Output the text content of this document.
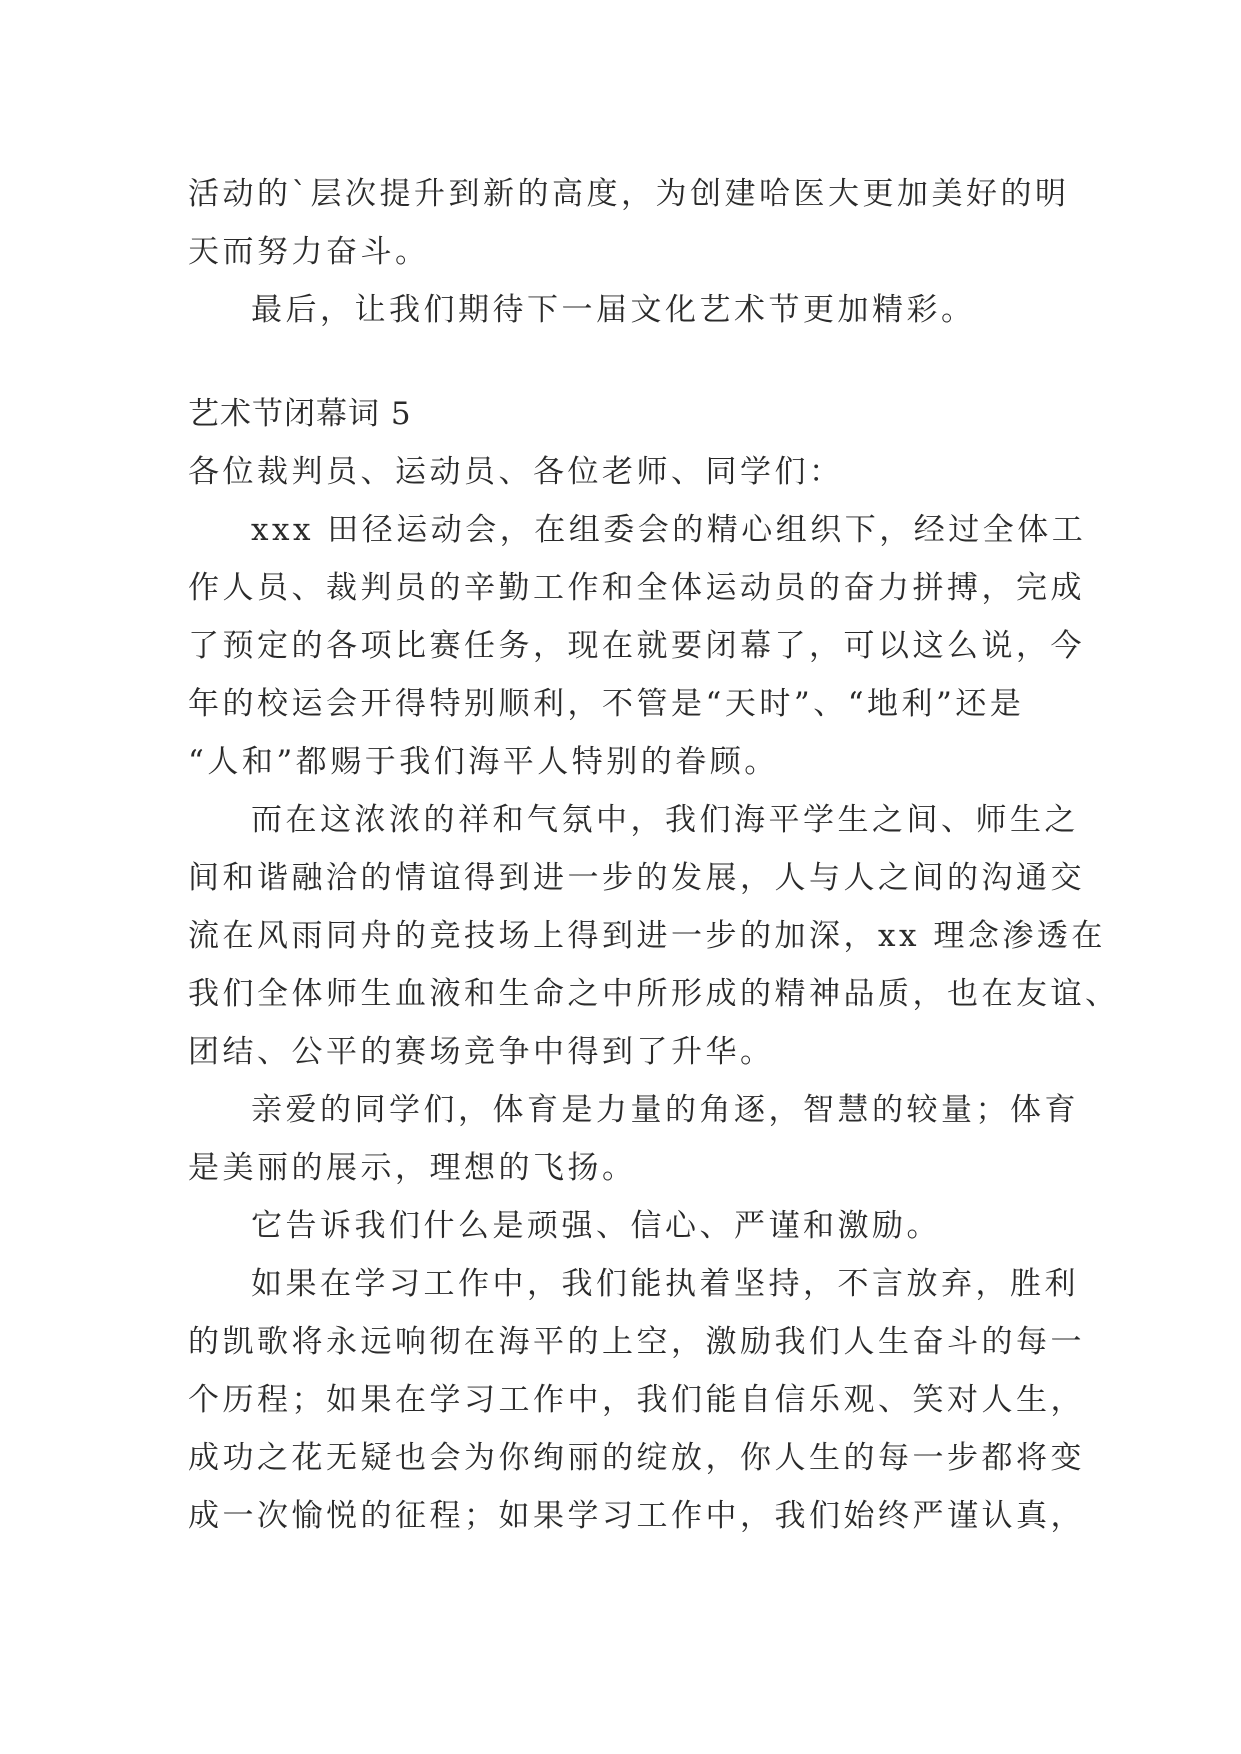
活动的`层次提升到新的高度，为创建哈医大更加美好的明
天而努力奋斗。
最后，让我们期待下一届文化艺术节更加精彩。
艺术节闭幕词 5
各位裁判员、运动员、各位老师、同学们：
xxx 田径运动会，在组委会的精心组织下，经过全体工
作人员、裁判员的辛勤工作和全体运动员的奋力拼搏，完成
了预定的各项比赛任务，现在就要闭幕了，可以这么说，今
年的校运会开得特别顺利，不管是“天时”、“地利”还是
“人和”都赐于我们海平人特别的眷顾。
而在这浓浓的祥和气氛中，我们海平学生之间、师生之
间和谐融洽的情谊得到进一步的发展，人与人之间的沟通交
流在风雨同舟的竞技场上得到进一步的加深，xx 理念渗透在
我们全体师生血液和生命之中所形成的精神品质，也在友谊、
团结、公平的赛场竞争中得到了升华。
亲爱的同学们，体育是力量的角逐，智慧的较量；体育
是美丽的展示，理想的飞扬。
它告诉我们什么是顽强、信心、严谨和激励。
如果在学习工作中，我们能执着坚持，不言放弃，胜利
的凯歌将永远响彻在海平的上空，激励我们人生奋斗的每一
个历程；如果在学习工作中，我们能自信乐观、笑对人生，
成功之花无疑也会为你绚丽的绽放，你人生的每一步都将变
成一次愉悦的征程；如果学习工作中，我们始终严谨认真，
